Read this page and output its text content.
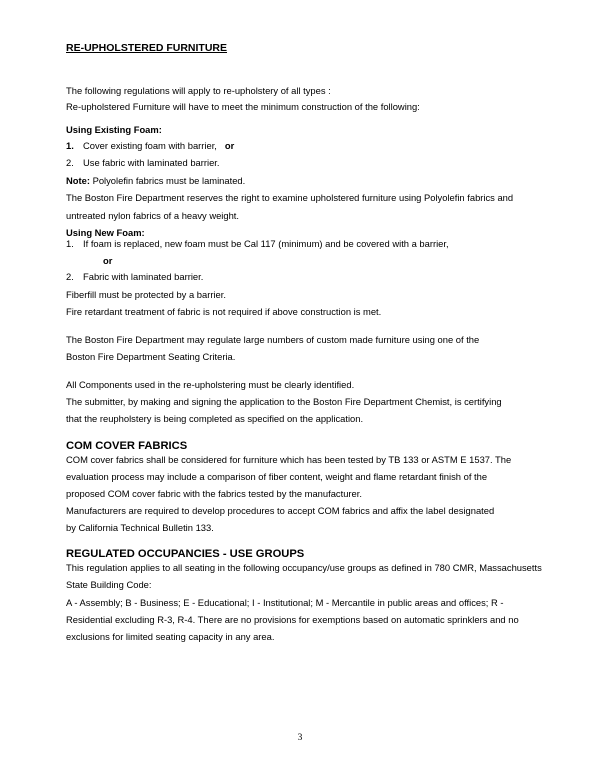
RE-UPHOLSTERED FURNITURE
The following regulations will apply to re-upholstery of all types :
Re-upholstered Furniture will have to meet the minimum construction of the following:
Using Existing Foam:
1. Cover existing foam with barrier, or
2. Use fabric with laminated barrier.
Note: Polyolefin fabrics must be laminated.
The Boston Fire Department reserves the right to examine upholstered furniture using Polyolefin fabrics and
untreated nylon fabrics of a heavy weight.
Using New Foam:
1. If foam is replaced, new foam must be Cal 117 (minimum) and be covered with a barrier,
or
2. Fabric with laminated barrier.
Fiberfill must be protected by a barrier.
Fire retardant treatment of fabric is not required if above construction is met.
The Boston Fire Department may regulate large numbers of custom made furniture using one of the
Boston Fire Department Seating Criteria.
All Components used in the re-upholstering must be clearly identified.
The submitter, by making and signing the application to the Boston Fire Department Chemist, is certifying
that the reupholstery is being completed as specified on the application.
COM COVER FABRICS
COM cover fabrics shall be considered for furniture which has been tested by TB 133 or ASTM E 1537. The
evaluation process may include a comparison of fiber content, weight and flame retardant finish of the
proposed COM cover fabric with the fabrics tested by the manufacturer.
Manufacturers are required to develop procedures to accept COM fabrics and affix the label designated
by California Technical Bulletin 133.
REGULATED OCCUPANCIES - USE GROUPS
This regulation applies to all seating in the following occupancy/use groups as defined in 780 CMR, Massachusetts
State Building Code:
A - Assembly; B - Business; E - Educational; I - Institutional; M - Mercantile in public areas and offices; R -
Residential excluding R-3, R-4. There are no provisions for exemptions based on automatic sprinklers and no
exclusions for limited seating capacity in any area.
3
